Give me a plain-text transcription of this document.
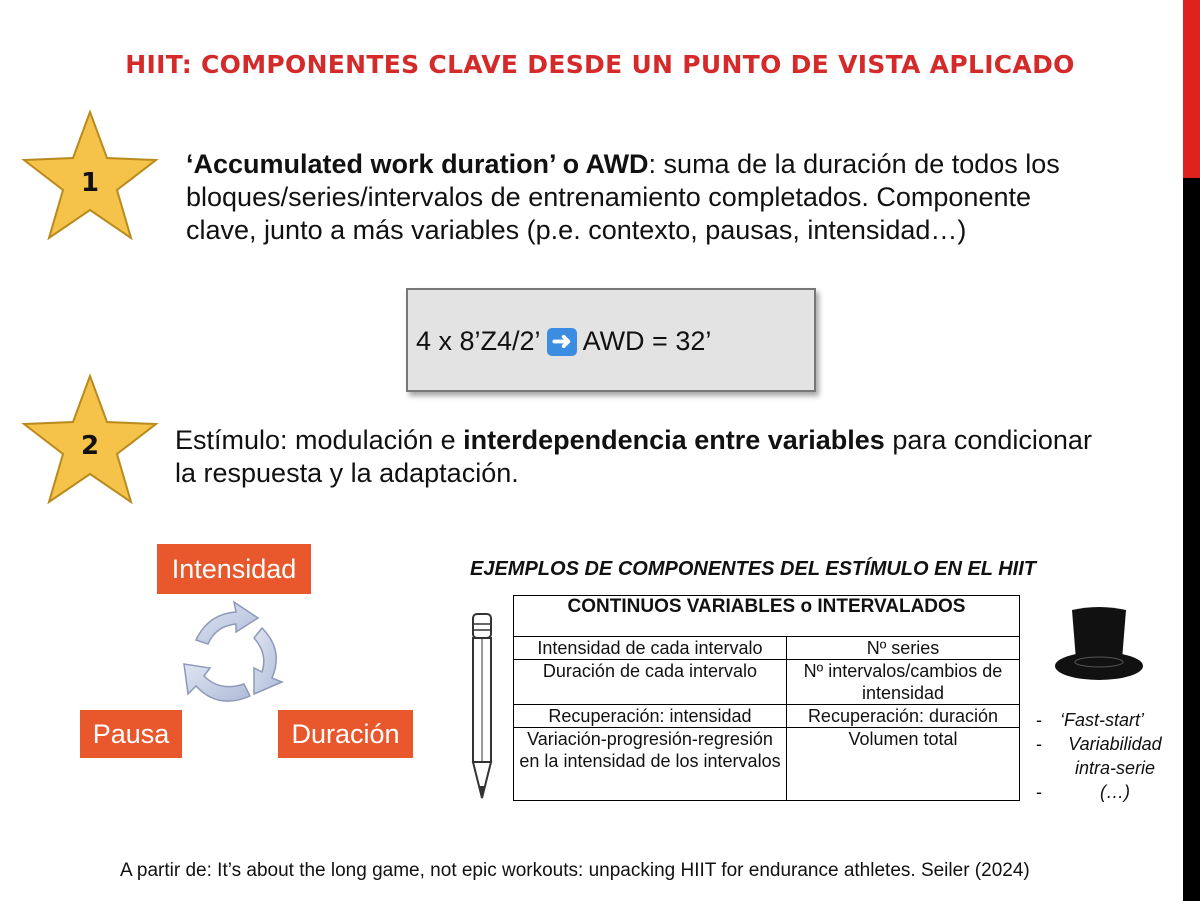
HIIT: COMPONENTES CLAVE DESDE UN PUNTO DE VISTA APLICADO
1
‘Accumulated work duration’ o AWD: suma de la duración de todos los bloques/series/intervalos de entrenamiento completados. Componente clave, junto a más variables (p.e. contexto, pausas, intensidad…)
4 x 8’Z4/2’ ➜ AWD = 32’
2	Estímulo: modulación e interdependencia entre variables para condicionar la respuesta y la adaptación.
Intensidad
Pausa	Duración
EJEMPLOS DE COMPONENTES DEL ESTÍMULO EN EL HIIT
CONTINUOS VARIABLES o INTERVALADOS	
Intensidad de cada intervalo	Nº series
Duración de cada intervalo	Nº intervalos/cambios de intensidad
Recuperación: intensidad	Recuperación: duración
Variación-progresión-regresión en la intensidad de los intervalos	Volumen total
- ‘Fast-start’
- Variabilidad intra-serie
-	(…)
A partir de: It’s about the long game, not epic workouts: unpacking HIIT for endurance athletes. Seiler (2024)
